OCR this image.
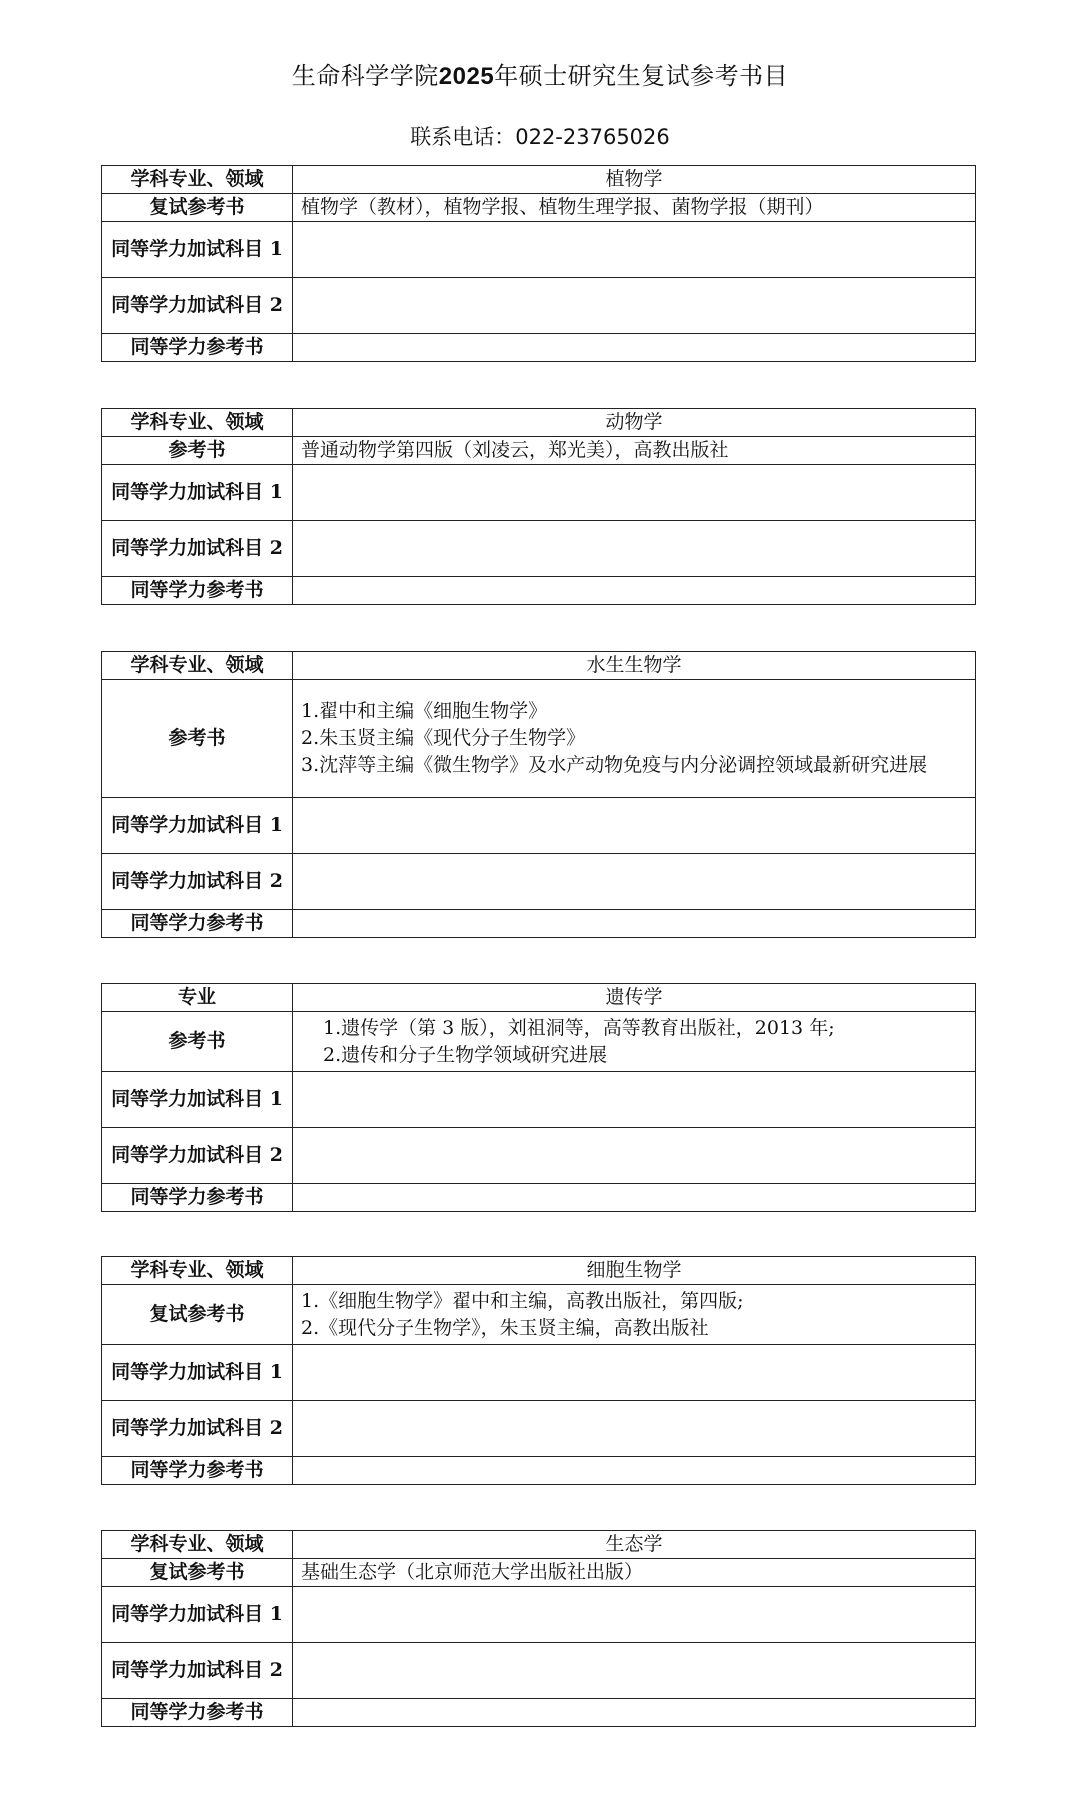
生命科学学院2025年硕士研究生复试参考书目
联系电话：022-23765026
学科专业、领域	植物学
复试参考书	植物学（教材），植物学报、植物生理学报、菌物学报（期刊）

同等学力加试科目 1	
同等学力加试科目 2	
同等学力参考书	
学科专业、领域	动物学
参考书	普通动物学第四版（刘凌云，郑光美），高教出版社

同等学力加试科目 1	
同等学力加试科目 2	
同等学力参考书	
学科专业、领域	水生生物学
参考书	1.翟中和主编《细胞生物学》
2.朱玉贤主编《现代分子生物学》
3.沈萍等主编《微生物学》及水产动物免疫与内分泌调控领域最新研究进展

同等学力加试科目 1	
同等学力加试科目 2	
同等学力参考书	
专业	遗传学
参考书	1.遗传学（第 3 版），刘祖洞等，高等教育出版社，2013 年;
2.遗传和分子生物学领域研究进展

同等学力加试科目 1	
同等学力加试科目 2	
同等学力参考书	
学科专业、领域	细胞生物学
复试参考书	1.《细胞生物学》翟中和主编，高教出版社，第四版;
2.《现代分子生物学》，朱玉贤主编，高教出版社

同等学力加试科目 1	
同等学力加试科目 2	
同等学力参考书	
学科专业、领域	生态学
复试参考书	基础生态学（北京师范大学出版社出版）

同等学力加试科目 1	
同等学力加试科目 2	
同等学力参考书	
